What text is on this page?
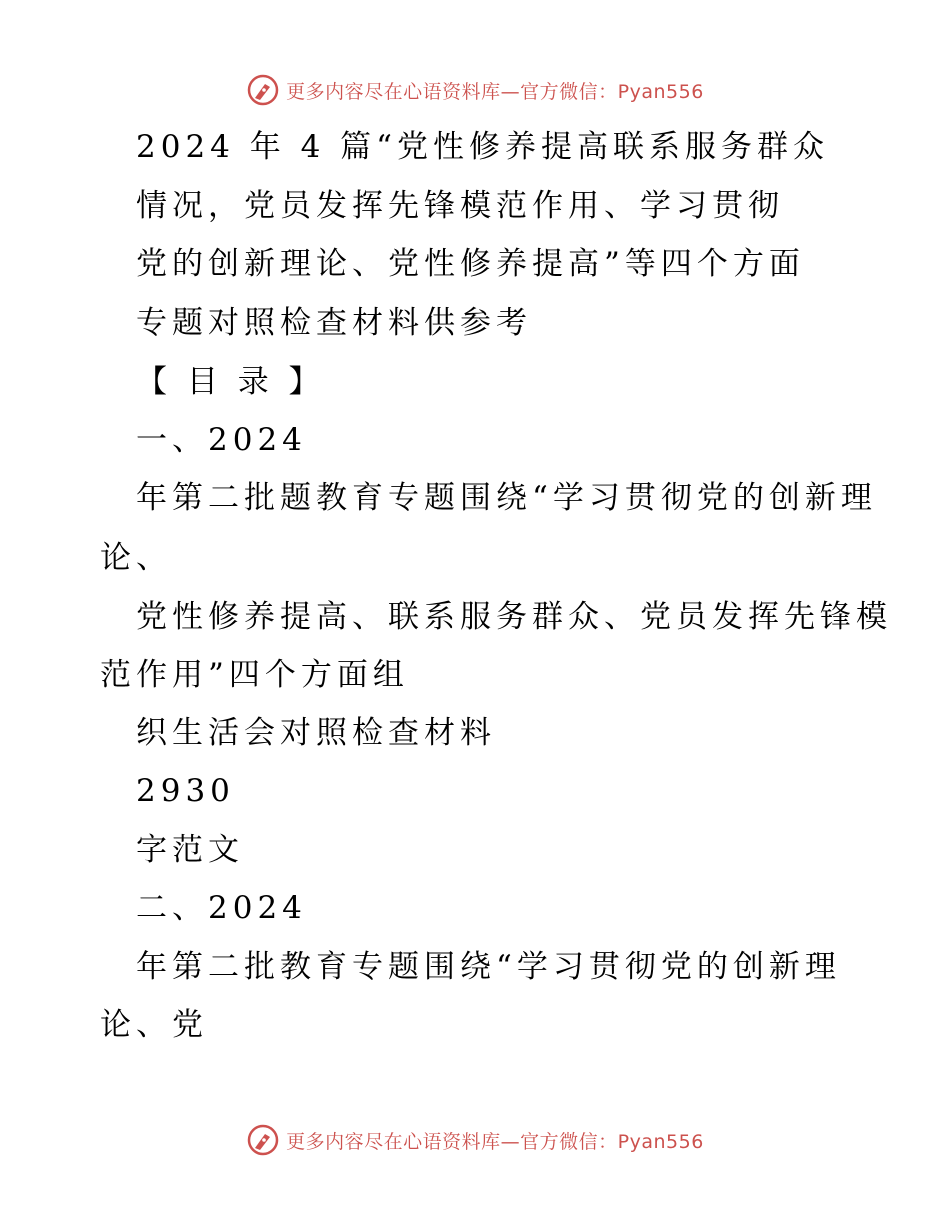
更多内容尽在心语资料库—官方微信：Pyan556
2024 年 4 篇“党性修养提高联系服务群众
情况，党员发挥先锋模范作用、学习贯彻
党的创新理论、党性修养提高”等四个方面
专题对照检查材料供参考
【 目 录 】
一、2024
年第二批题教育专题围绕“学习贯彻党的创新理
论、
党性修养提高、联系服务群众、党员发挥先锋模
范作用”四个方面组
织生活会对照检查材料
2930
字范文
二、2024
年第二批教育专题围绕“学习贯彻党的创新理
论、党
更多内容尽在心语资料库—官方微信：Pyan556
